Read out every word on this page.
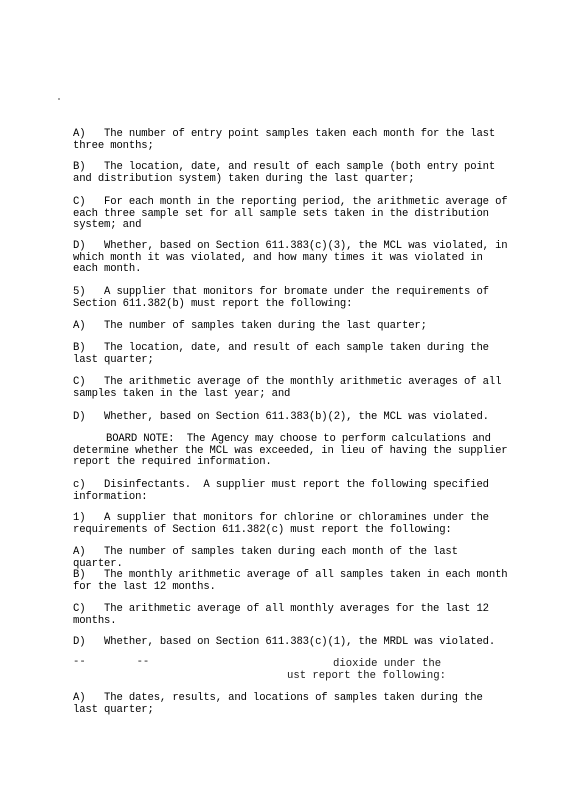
A)   The number of entry point samples taken each month for the last three months;
B)   The location, date, and result of each sample (both entry point and distribution system) taken during the last quarter;
C)   For each month in the reporting period, the arithmetic average of each three sample set for all sample sets taken in the distribution system; and
D)   Whether, based on Section 611.383(c)(3), the MCL was violated, in which month it was violated, and how many times it was violated in each month.
5)   A supplier that monitors for bromate under the requirements of Section 611.382(b) must report the following:
A)   The number of samples taken during the last quarter;
B)   The location, date, and result of each sample taken during the last quarter;
C)   The arithmetic average of the monthly arithmetic averages of all samples taken in the last year; and
D)   Whether, based on Section 611.383(b)(2), the MCL was violated.
BOARD NOTE:  The Agency may choose to perform calculations and determine whether the MCL was exceeded, in lieu of having the supplier report the required information.
c)   Disinfectants.  A supplier must report the following specified information:
1)   A supplier that monitors for chlorine or chloramines under the requirements of Section 611.382(c) must report the following:
A)   The number of samples taken during each month of the last quarter.
B)   The monthly arithmetic average of all samples taken in each month for the last 12 months.
C)   The arithmetic average of all monthly averages for the last 12 months.
D)   Whether, based on Section 611.383(c)(1), the MRDL was violated.
--        --	dioxide under the
ust report the following:
A)   The dates, results, and locations of samples taken during the last quarter;
